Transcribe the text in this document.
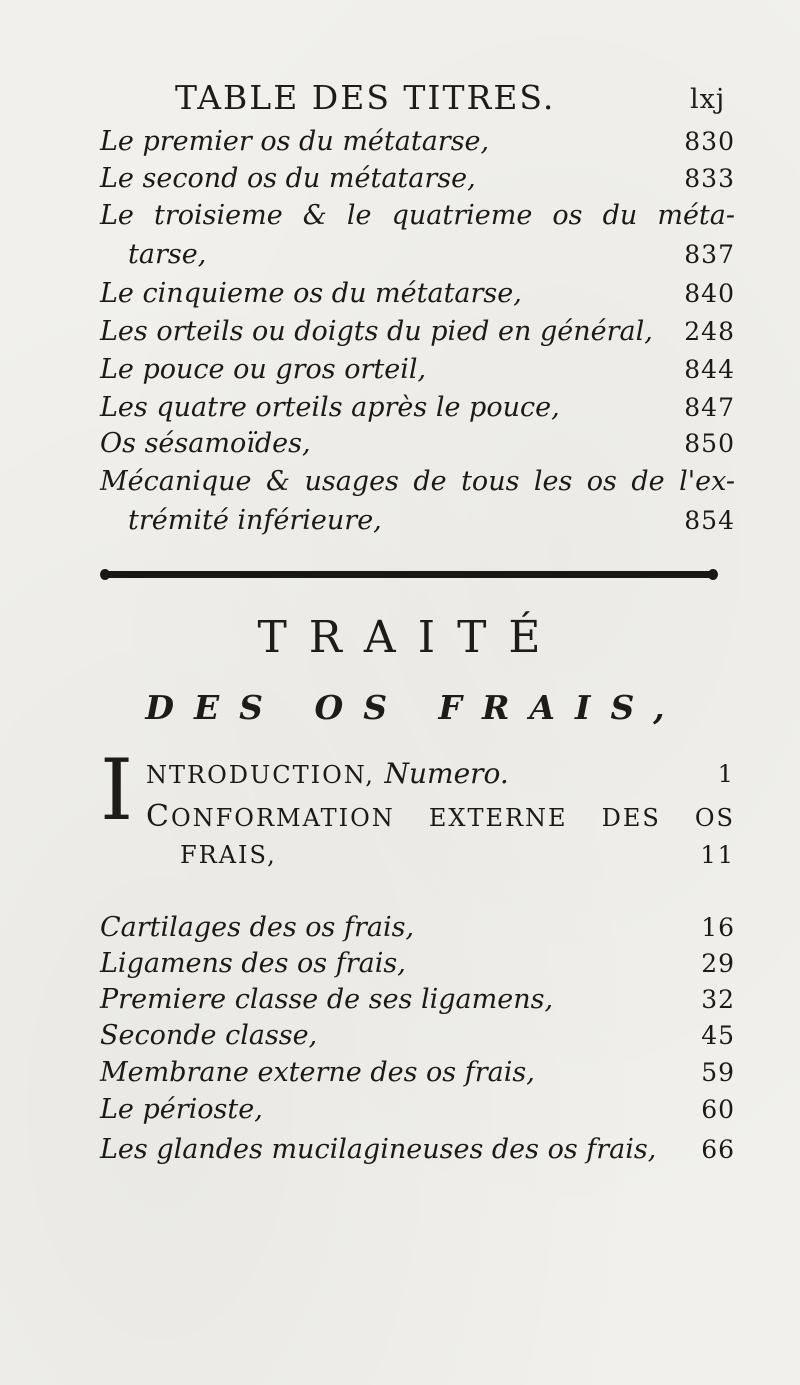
TABLE DES TITRES.	lxj
Le premier os du métatarse,	830
Le second os du métatarse,	833
Le troisieme & le quatrieme os du méta-
tarse,	837
Le cinquieme os du métatarse,	840
Les orteils ou doigts du pied en général, 248
Le pouce ou gros orteil,	844
Les quatre orteils après le pouce,	847
Os sésamoïdes,	850
Mécanique & usages de tous les os de l'ex-
trémité inférieure,	854
TRAITÉ
DES OS FRAIS,
I NTRODUCTION, Numero.	1
CONFORMATION EXTERNE DES OS
FRAIS,	11
Cartilages des os frais,	16
Ligamens des os frais,	29
Premiere classe de ses ligamens,	32
Seconde classe,	45
Membrane externe des os frais,	59
Le périoste,	60
Les glandes mucilagineuses des os frais, 66
